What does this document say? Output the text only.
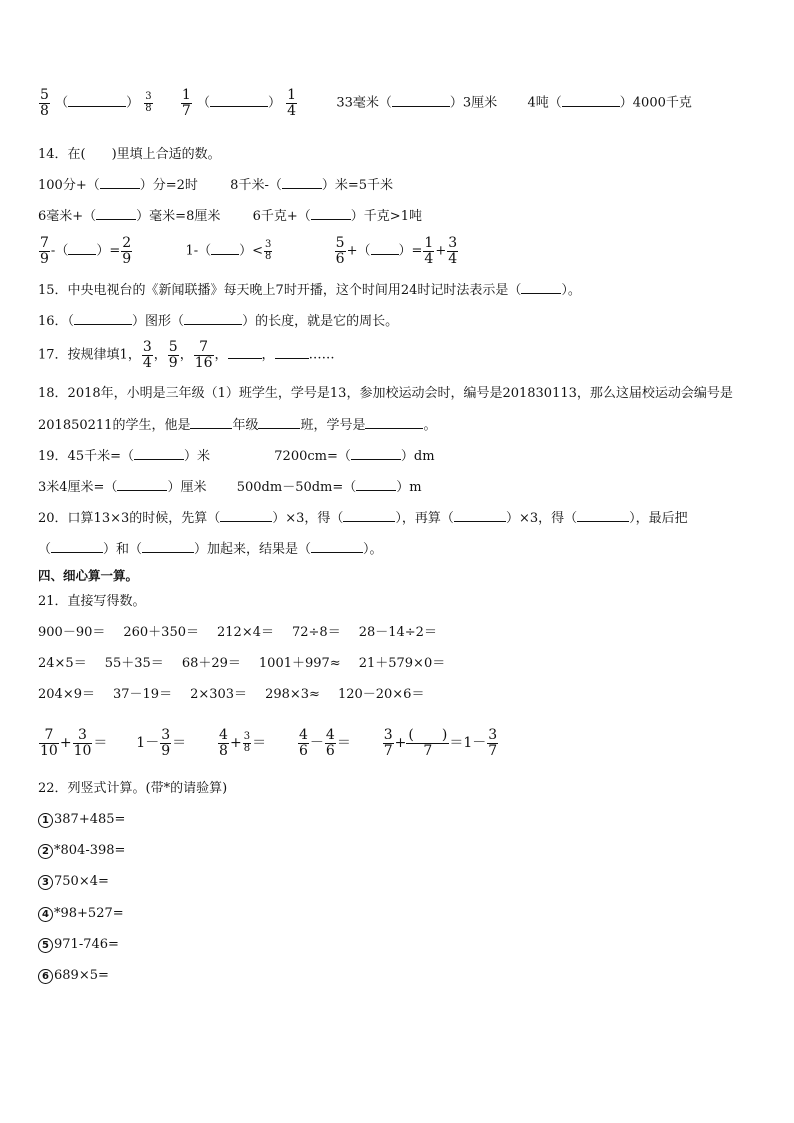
$\frac{5}{8}$ （	） $\frac{3}{8}$
$\frac{1}{7}$ （	） $\frac{1}{4}$	33毫米（	）3厘米 4吨（	）4000千克
14．在(　　)里填上合适的数。
100分+（	）分=2时 8千米-（	）米=5千米
6毫米+（	）毫米=8厘米 6千克+（	）千克>1吨
$\frac{7}{9}$ -（ ）= $\frac{2}{9}$	1-（ ）< $\frac{3}{8}$
	$\frac{5}{6}$ +（ ）= $\frac{1}{4} + \frac{3}{4}$
15．中央电视台的《新闻联播》每天晚上7时开播，这个时间用24时记时法表示是（	）。
16．（	）图形（	）的长度，就是它的周长。
17．按规律填1， $\frac{3}{4}$ ， $\frac{5}{9}$ ， $\frac{7}{16}$ ，	，	……
18．2018年，小明是三年级（1）班学生，学号是13，参加校运动会时，编号是201830113，那么这届校运动会编号是
201850211的学生，他是	年级	班，学号是	。
19．45千米=（	）米	7200cm=（	）dm
3米4厘米=（	）厘米 500dm－50dm=（	）m
20．口算13×3的时候，先算（	）×3，得（	），再算（	）×3，得（	），最后把
（	）和（	）加起来，结果是（	）。
四、细心算一算。
21．直接写得数。
900－90＝ 260＋350＝ 212×4＝ 72÷8＝ 28－14÷2＝
24×5＝ 55＋35＝ 68＋29＝ 1001＋997≈ 21＋579×0＝
204×9＝ 37－19＝ 2×303＝ 298×3≈ 120－20×6＝
$\frac{7}{10} + \frac{3}{10} = 1- \frac{3}{9} = \frac{4}{8} + \frac{3}{8} = \frac{4}{6} - \frac{4}{6} = \frac{3}{7} + \frac{( )}{7} =1- \frac{3}{7}$
22．列竖式计算。(带*的请验算)
1 387+485=
2 *804-398=
3 750×4=
4 *98+527=
5 971-746=
6 689×5=
